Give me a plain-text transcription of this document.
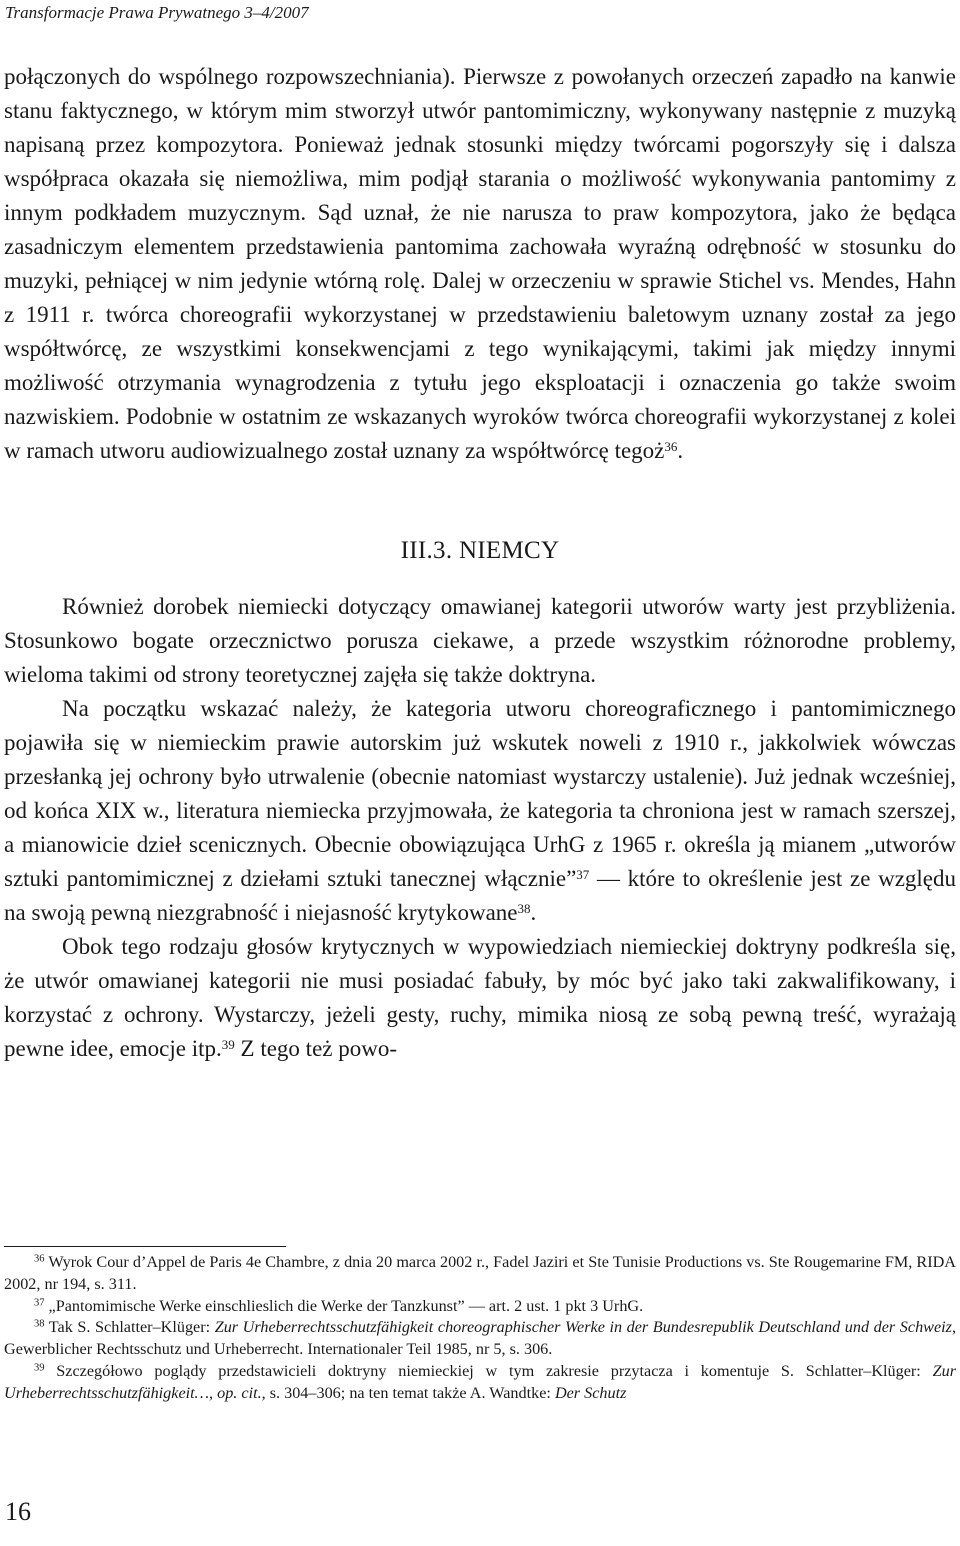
Transformacje Prawa Prywatnego 3–4/2007

połączonych do wspólnego rozpowszechniania). Pierwsze z powołanych orzeczeń zapadło na kanwie stanu faktycznego, w którym mim stworzył utwór pantomimiczny, wykonywany następnie z muzyką napisaną przez kompozytora. Ponieważ jednak stosunki między twórcami pogorszyły się i dalsza współpraca okazała się niemożliwa, mim podjął starania o możliwość wykonywania pantomimy z innym podkładem muzycznym. Sąd uznał, że nie narusza to praw kompozytora, jako że będąca zasadniczym elementem przedstawienia pantomima zachowała wyraźną odrębność w stosunku do muzyki, pełniącej w nim jedynie wtórną rolę. Dalej w orzeczeniu w sprawie Stichel vs. Mendes, Hahn z 1911 r. twórca choreografii wykorzystanej w przedstawieniu baletowym uznany został za jego współtwórcę, ze wszystkimi konsekwencjami z tego wynikającymi, takimi jak między innymi możliwość otrzymania wynagrodzenia z tytułu jego eksploatacji i oznaczenia go także swoim nazwiskiem. Podobnie w ostatnim ze wskazanych wyroków twórca choreografii wykorzystanej z kolei w ramach utworu audiowizualnego został uznany za współtwórcę tegoż$^{36}$.

III.3. NIEMCY

Również dorobek niemiecki dotyczący omawianej kategorii utworów warty jest przybliżenia. Stosunkowo bogate orzecznictwo porusza ciekawe, a przede wszystkim różnorodne problemy, wieloma takimi od strony teoretycznej zajęła się także doktryna.

Na początku wskazać należy, że kategoria utworu choreograficznego i pantomimicznego pojawiła się w niemieckim prawie autorskim już wskutek noweli z 1910 r., jakkolwiek wówczas przesłanką jej ochrony było utrwalenie (obecnie natomiast wystarczy ustalenie). Już jednak wcześniej, od końca XIX w., literatura niemiecka przyjmowała, że kategoria ta chroniona jest w ramach szerszej, a mianowicie dzieł scenicznych. Obecnie obowiązująca UrhG z 1965 r. określa ją mianem „utworów sztuki pantomimicznej z dziełami sztuki tanecznej włącznie”$^{37}$ — które to określenie jest ze względu na swoją pewną niezgrabność i niejasność krytykowane$^{38}$.

Obok tego rodzaju głosów krytycznych w wypowiedziach niemieckiej doktryny podkreśla się, że utwór omawianej kategorii nie musi posiadać fabuły, by móc być jako taki zakwalifikowany, i korzystać z ochrony. Wystarczy, jeżeli gesty, ruchy, mimika niosą ze sobą pewną treść, wyrażają pewne idee, emocje itp.$^{39}$ Z tego też powo-

$^{36}$ Wyrok Cour d’Appel de Paris 4e Chambre, z dnia 20 marca 2002 r., Fadel Jaziri et Ste Tunisie Productions vs. Ste Rougemarine FM, RIDA 2002, nr 194, s. 311.

$^{37}$ „Pantomimische Werke einschlieslich die Werke der Tanzkunst” — art. 2 ust. 1 pkt 3 UrhG.

$^{38}$ Tak S. Schlatter–Klüger: Zur Urheberrechtsschutzfähigkeit choreographischer Werke in der Bundesrepublik Deutschland und der Schweiz, Gewerblicher Rechtsschutz und Urheberrecht. Internationaler Teil 1985, nr 5, s. 306.

$^{39}$ Szczegółowo poglądy przedstawicieli doktryny niemieckiej w tym zakresie przytacza i komentuje S. Schlatter–Klüger: Zur Urheberrechtsschutzfähigkeit…, op. cit., s. 304–306; na ten temat także A. Wandtke: Der Schutz

16
